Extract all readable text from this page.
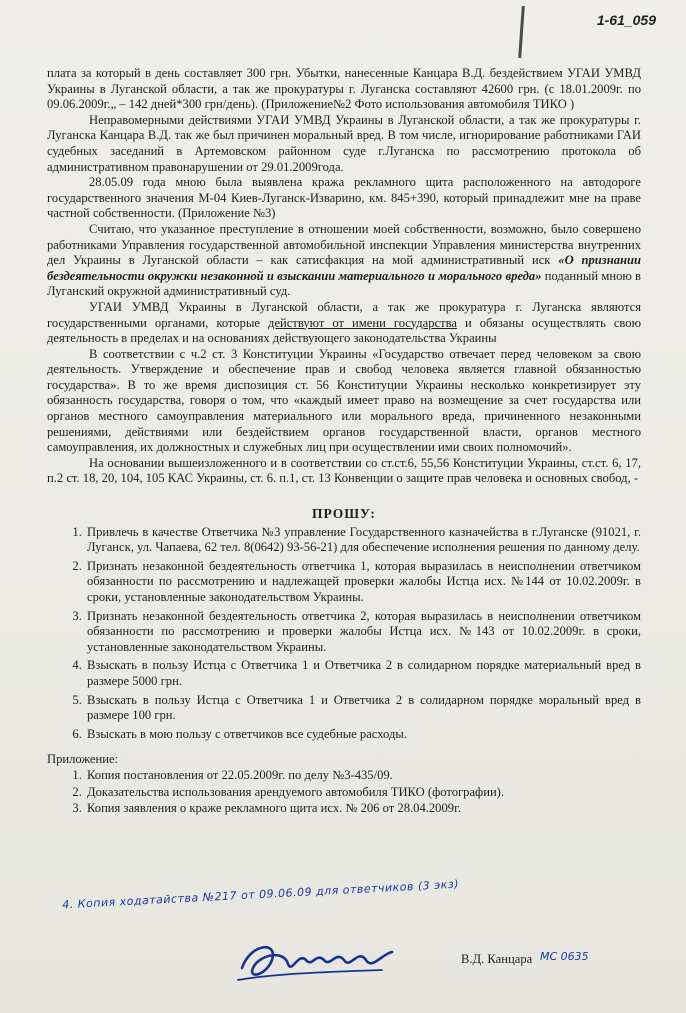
1-61_059

плата за который в день составляет 300 грн. Убытки, нанесенные Канцара В.Д. бездействием УГАИ УМВД Украины в Луганской области, а так же прокуратуры г. Луганска составляют 42600 грн. (с 18.01.2009г. по 09.06.2009г.„ – 142 дней*300 грн/день). (Приложение№2 Фото использования автомобиля ТИКО )

Неправомерными действиями УГАИ УМВД Украины в Луганской области, а так же прокуратуры г. Луганска Канцара В.Д. так же был причинен моральный вред. В том числе, игнорирование работниками ГАИ судебных заседаний в Артемовском районном суде г.Луганска по рассмотрению протокола об административном правонарушении от 29.01.2009года.

28.05.09 года мною была выявлена кража рекламного щита расположенного на автодороге государственного значения М-04 Киев-Луганск-Изварино, км. 845+390, который принадлежит мне на праве частной собственности. (Приложение №3)

Считаю, что указанное преступление в отношении моей собственности, возможно, было совершено работниками Управления государственной автомобильной инспекции Управления министерства внутренних дел Украины в Луганской области – как сатисфакция на мой административный иск «О признании бездеятельности окружки незаконной и взыскании материального и морального вреда» поданный мною в Луганский окружной административный суд.

УГАИ УМВД Украины в Луганской области, а так же прокуратура г. Луганска являются государственными органами, которые действуют от имени государства и обязаны осуществлять свою деятельность в пределах и на основаниях действующего законодательства Украины

В соответствии с ч.2 ст. 3 Конституции Украины «Государство отвечает перед человеком за свою деятельность. Утверждение и обеспечение прав и свобод человека является главной обязанностью государства». В то же время диспозиция ст. 56 Конституции Украины несколько конкретизирует эту обязанность государства, говоря о том, что «каждый имеет право на возмещение за счет государства или органов местного самоуправления материального или морального вреда, причиненного незаконными решениями, действиями или бездействием органов государственной власти, органов местного самоуправления, их должностных и служебных лиц при осуществлении ими своих полномочий».

На основании вышеизложенного и в соответствии со ст.ст.6, 55,56 Конституции Украины, ст.ст. 6, 17, п.2 ст. 18, 20, 104, 105 КАС Украины, ст. 6. п.1, ст. 13 Конвенции о защите прав человека и основных свобод, -

ПРОШУ:

1. Привлечь в качестве Ответчика №3 управление Государственного казначейства в г.Луганске (91021, г. Луганск, ул. Чапаева, 62 тел. 8(0642) 93-56-21) для обеспечение исполнения решения по данному делу.
2. Признать незаконной бездеятельность ответчика 1, которая выразилась в неисполнении ответчиком обязанности по рассмотрению и надлежащей проверки жалобы Истца исх. №144 от 10.02.2009г. в сроки, установленные законодательством Украины.
3. Признать незаконной бездеятельность ответчика 2, которая выразилась в неисполнении ответчиком обязанности по рассмотрению и проверки жалобы Истца исх. №143 от 10.02.2009г. в сроки, установленные законодательством Украины.
4. Взыскать в пользу Истца с Ответчика 1 и Ответчика 2 в солидарном порядке материальный вред в размере 5000 грн.
5. Взыскать в пользу Истца с Ответчика 1 и Ответчика 2 в солидарном порядке моральный вред в размере 100 грн.
6. Взыскать в мою пользу с ответчиков все судебные расходы.

Приложение:

1. Копия постановления от 22.05.2009г. по делу №3-435/09.
2. Доказательства использования арендуемого автомобиля ТИКО (фотографии).
3. Копия заявления о краже рекламного щита исх. № 206 от 28.04.2009г.
4. Копия ходатайства №217 от 09.06.09 для ответчиков (3 экз)
В.Д. Канцара МС 0635
